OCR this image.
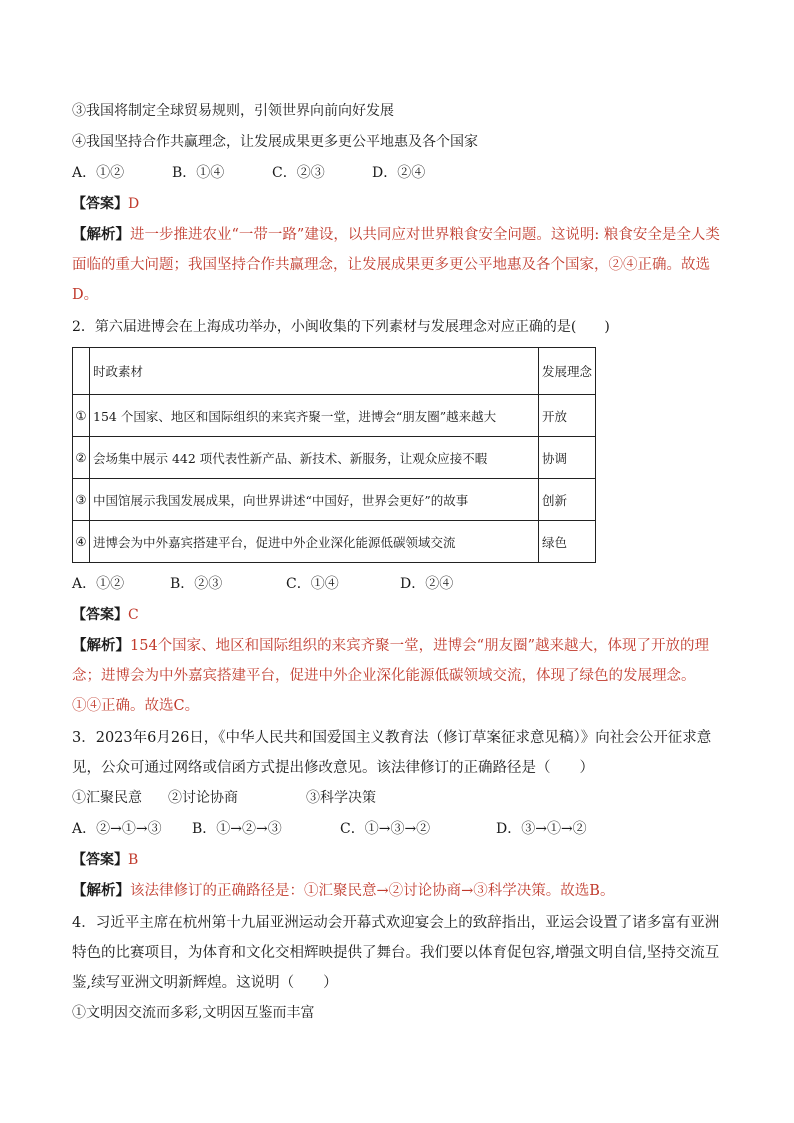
③我国将制定全球贸易规则，引领世界向前向好发展
④我国坚持合作共赢理念，让发展成果更多更公平地惠及各个国家
A．①②	B．①④	C．②③	D．②④
【答案】D
【解析】进一步推进农业“一带一路”建设，以共同应对世界粮食安全问题。这说明: 粮食安全是全人类面临的重大问题；我国坚持合作共赢理念，让发展成果更多更公平地惠及各个国家，②④正确。故选D。
2．第六届进博会在上海成功举办，小闽收集的下列素材与发展理念对应正确的是(　　)
	时政素材	发展理念
①	154 个国家、地区和国际组织的来宾齐聚一堂，进博会“朋友圈”越来越大	开放
②	会场集中展示 442 项代表性新产品、新技术、新服务，让观众应接不暇	协调
③	中国馆展示我国发展成果，向世界讲述“中国好，世界会更好”的故事	创新
④	进博会为中外嘉宾搭建平台，促进中外企业深化能源低碳领域交流	绿色
A．①②	B．②③	C．①④	D．②④
【答案】C
【解析】154个国家、地区和国际组织的来宾齐聚一堂，进博会“朋友圈”越来越大，体现了开放的理念；进博会为中外嘉宾搭建平台，促进中外企业深化能源低碳领域交流，体现了绿色的发展理念。①④正确。故选C。
3．2023年6月26日，《中华人民共和国爱国主义教育法（修订草案征求意见稿）》向社会公开征求意见，公众可通过网络或信函方式提出修改意见。该法律修订的正确路径是（　　）
①汇聚民意 ②讨论协商	③科学决策
A．②→①→③ B．①→②→③	C．①→③→②	D．③→①→②
【答案】B
【解析】该法律修订的正确路径是：①汇聚民意→②讨论协商→③科学决策。故选B。
4．习近平主席在杭州第十九届亚洲运动会开幕式欢迎宴会上的致辞指出，亚运会设置了诸多富有亚洲特色的比赛项目，为体育和文化交相辉映提供了舞台。我们要以体育促包容,增强文明自信,坚持交流互鉴,续写亚洲文明新辉煌。这说明（　　）
①文明因交流而多彩,文明因互鉴而丰富
